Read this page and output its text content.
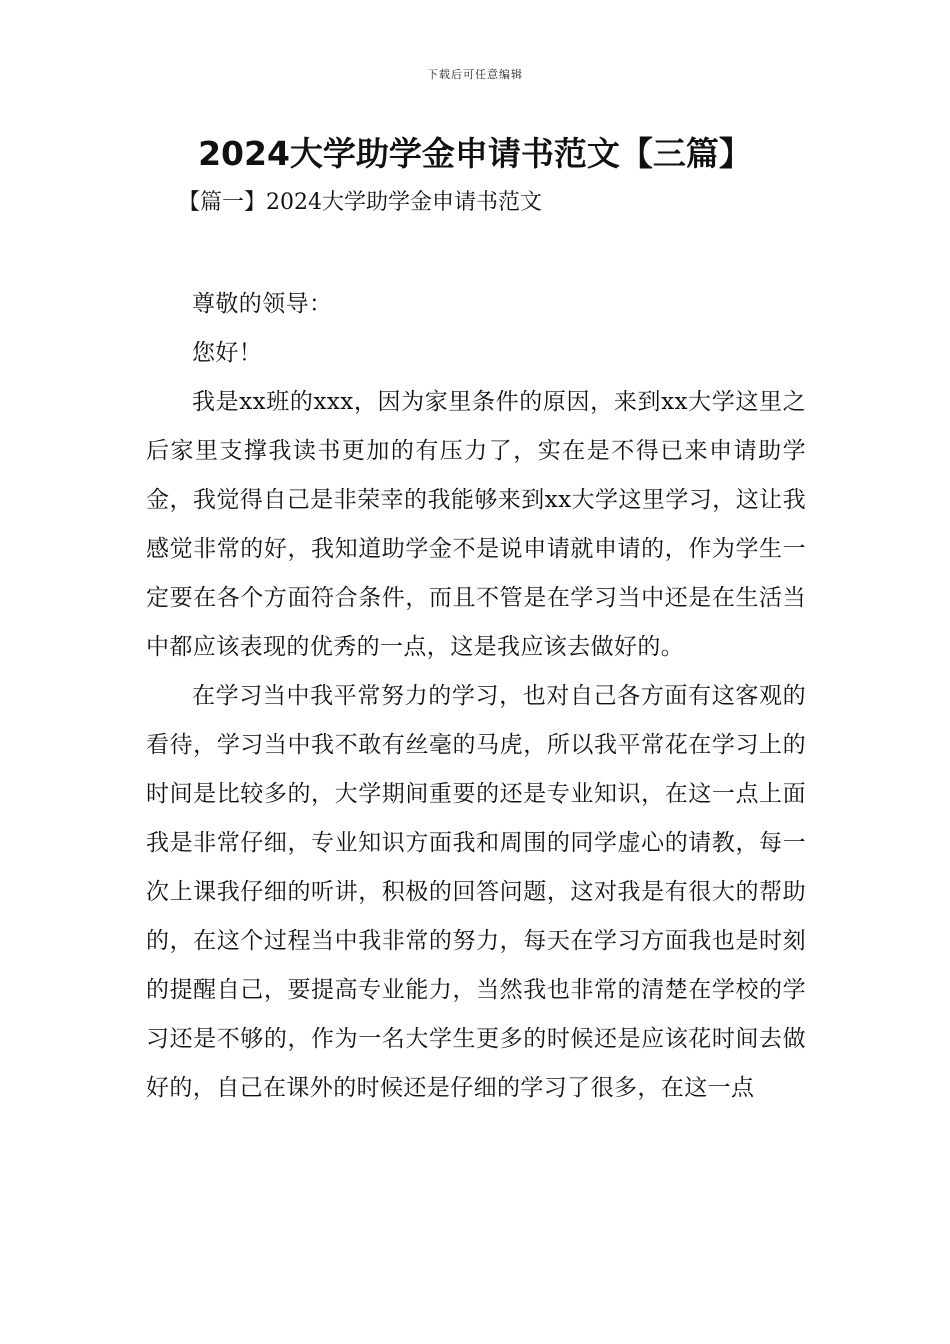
下载后可任意编辑
2024大学助学金申请书范文【三篇】

【篇一】2024大学助学金申请书范文

尊敬的领导：

您好！

我是xx班的xxx，因为家里条件的原因，来到xx大学这里之后家里支撑我读书更加的有压力了，实在是不得已来申请助学金，我觉得自己是非荣幸的我能够来到xx大学这里学习，这让我感觉非常的好，我知道助学金不是说申请就申请的，作为学生一定要在各个方面符合条件，而且不管是在学习当中还是在生活当中都应该表现的优秀的一点，这是我应该去做好的。

在学习当中我平常努力的学习，也对自己各方面有这客观的看待，学习当中我不敢有丝毫的马虎，所以我平常花在学习上的时间是比较多的，大学期间重要的还是专业知识，在这一点上面我是非常仔细，专业知识方面我和周围的同学虚心的请教，每一次上课我仔细的听讲，积极的回答问题，这对我是有很大的帮助的，在这个过程当中我非常的努力，每天在学习方面我也是时刻的提醒自己，要提高专业能力，当然我也非常的清楚在学校的学习还是不够的，作为一名大学生更多的时候还是应该花时间去做好的，自己在课外的时候还是仔细的学习了很多，在这一点
